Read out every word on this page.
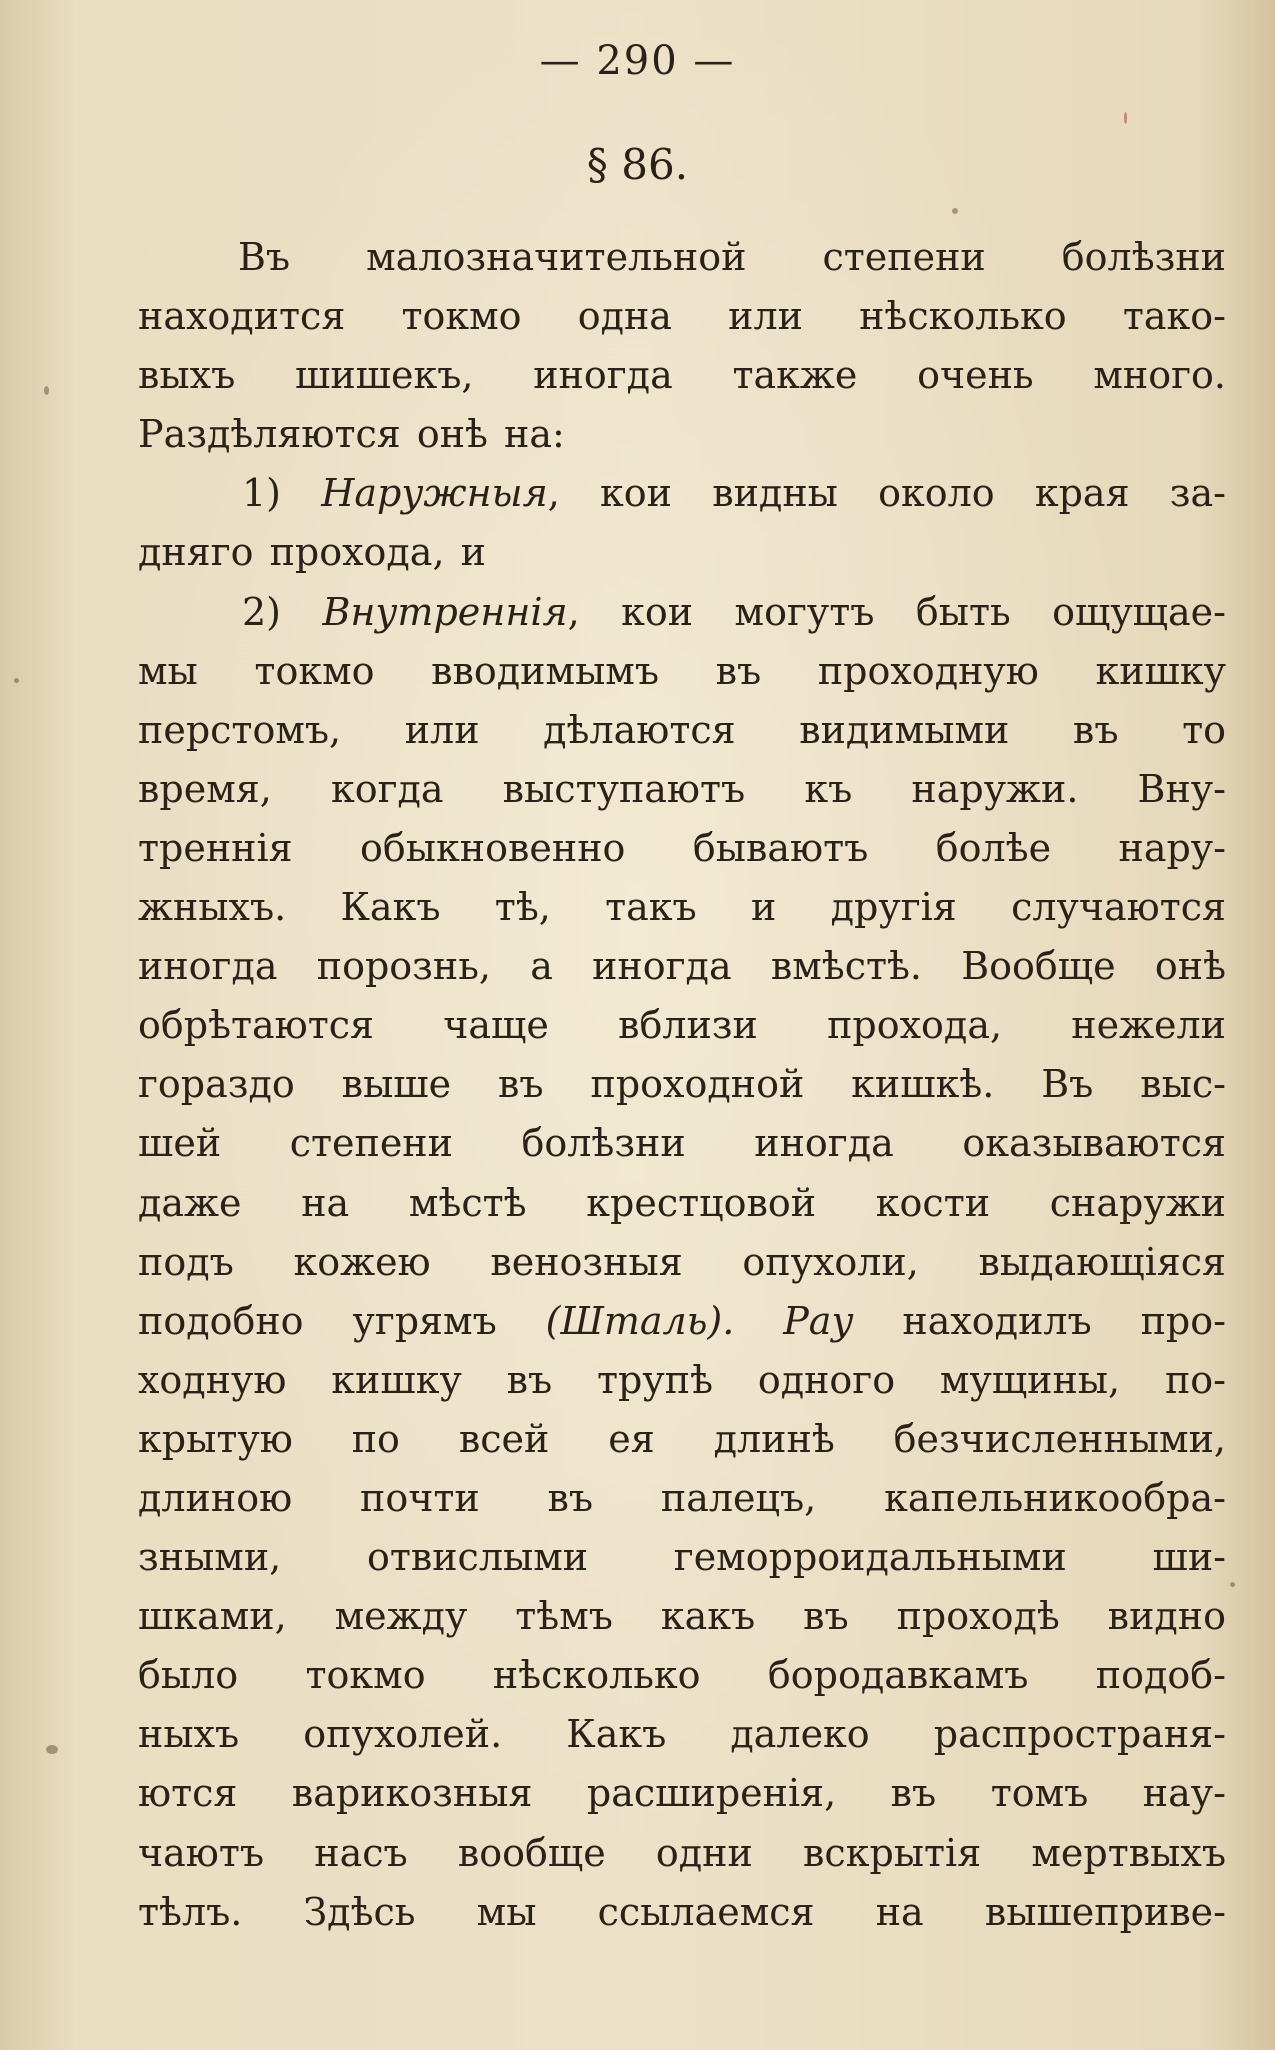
— 290 —
§ 86.
Въ малозначительной степени болѣзни
находится токмо одна или нѣсколько тако-
выхъ шишекъ, иногда также очень много.
Раздѣляются онѣ на:
1) Наружныя, кои видны около края за-
дняго прохода, и
2) Внутреннія, кои могутъ быть ощущае-
мы токмо вводимымъ въ проходную кишку
перстомъ, или дѣлаются видимыми въ то
время, когда выступаютъ къ наружи. Вну-
треннія обыкновенно бываютъ болѣе нару-
жныхъ. Какъ тѣ, такъ и другія случаются
иногда порознь, а иногда вмѣстѣ. Вообще онѣ
обрѣтаются чаще вблизи прохода, нежели
гораздо выше въ проходной кишкѣ. Въ выс-
шей степени болѣзни иногда оказываются
даже на мѣстѣ крестцовой кости снаружи
подъ кожею венозныя опухоли, выдающіяся
подобно угрямъ (Шталь). Рау находилъ про-
ходную кишку въ трупѣ одного мущины, по-
крытую по всей ея длинѣ безчисленными,
длиною почти въ палецъ, капельникообра-
зными, отвислыми геморроидальными ши-
шками, между тѣмъ какъ въ проходѣ видно
было токмо нѣсколько бородавкамъ подоб-
ныхъ опухолей. Какъ далеко распространя-
ются варикозныя расширенія, въ томъ нау-
чаютъ насъ вообще одни вскрытія мертвыхъ
тѣлъ. Здѣсь мы ссылаемся на вышеприве-
